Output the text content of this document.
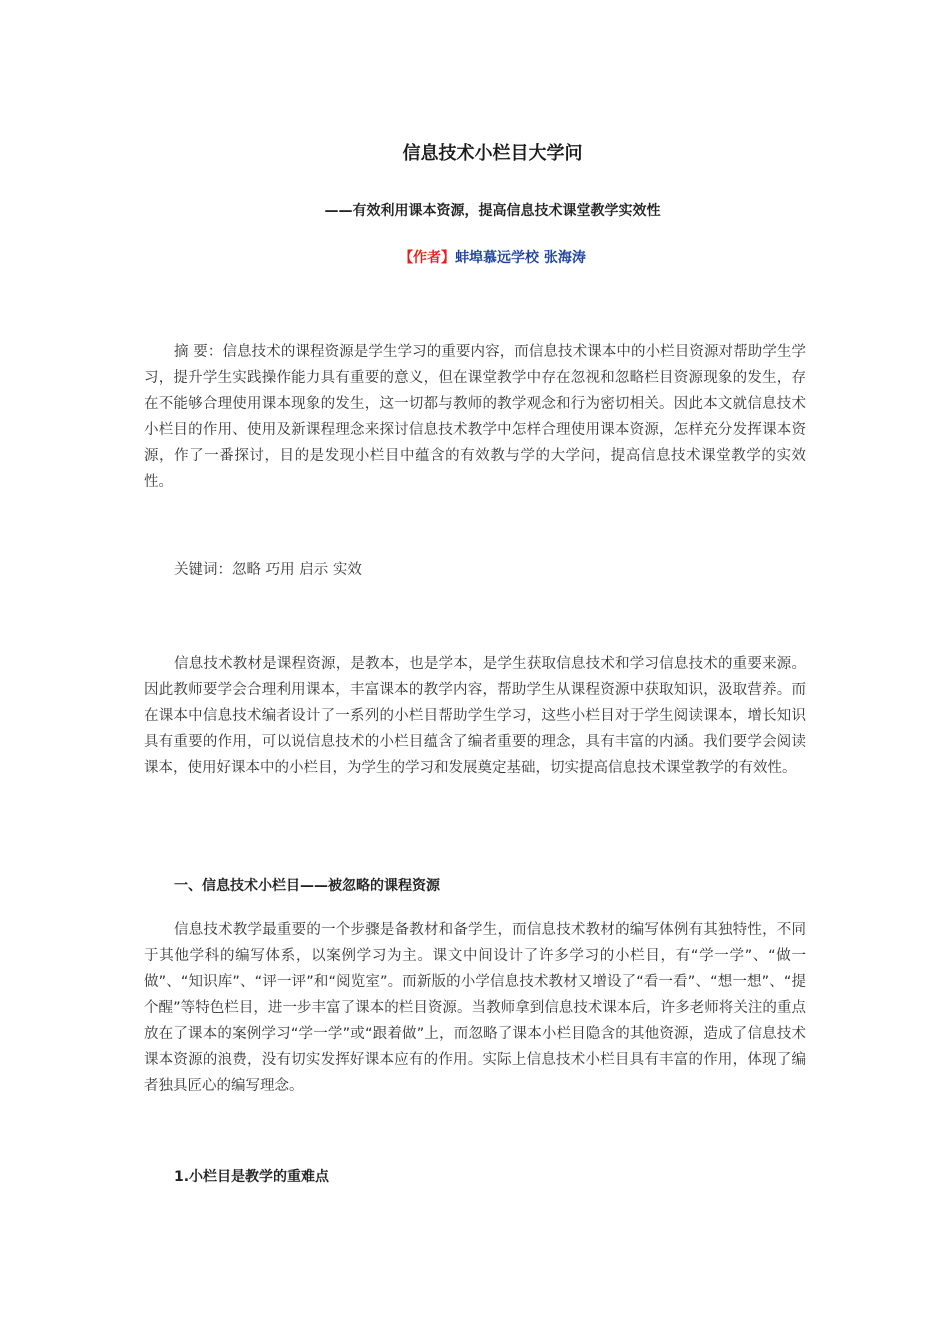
信息技术小栏目大学问
——有效利用课本资源，提高信息技术课堂教学实效性
【作者】蚌埠慕远学校 张海涛

摘 要：信息技术的课程资源是学生学习的重要内容，而信息技术课本中的小栏目资源对帮助学生学习，提升学生实践操作能力具有重要的意义，但在课堂教学中存在忽视和忽略栏目资源现象的发生，存在不能够合理使用课本现象的发生，这一切都与教师的教学观念和行为密切相关。因此本文就信息技术小栏目的作用、使用及新课程理念来探讨信息技术教学中怎样合理使用课本资源，怎样充分发挥课本资源，作了一番探讨，目的是发现小栏目中蕴含的有效教与学的大学问，提高信息技术课堂教学的实效性。

关键词：忽略 巧用 启示 实效

信息技术教材是课程资源，是教本，也是学本，是学生获取信息技术和学习信息技术的重要来源。因此教师要学会合理利用课本，丰富课本的教学内容，帮助学生从课程资源中获取知识，汲取营养。而在课本中信息技术编者设计了一系列的小栏目帮助学生学习，这些小栏目对于学生阅读课本，增长知识具有重要的作用，可以说信息技术的小栏目蕴含了编者重要的理念，具有丰富的内涵。我们要学会阅读课本，使用好课本中的小栏目，为学生的学习和发展奠定基础，切实提高信息技术课堂教学的有效性。

一、信息技术小栏目——被忽略的课程资源

信息技术教学最重要的一个步骤是备教材和备学生，而信息技术教材的编写体例有其独特性，不同于其他学科的编写体系，以案例学习为主。课文中间设计了许多学习的小栏目，有“学一学”、“做一做”、“知识库”、“评一评”和“阅览室”。而新版的小学信息技术教材又增设了“看一看”、“想一想”、“提个醒”等特色栏目，进一步丰富了课本的栏目资源。当教师拿到信息技术课本后，许多老师将关注的重点放在了课本的案例学习“学一学”或“跟着做”上，而忽略了课本小栏目隐含的其他资源，造成了信息技术课本资源的浪费，没有切实发挥好课本应有的作用。实际上信息技术小栏目具有丰富的作用，体现了编者独具匠心的编写理念。

1.小栏目是教学的重难点
